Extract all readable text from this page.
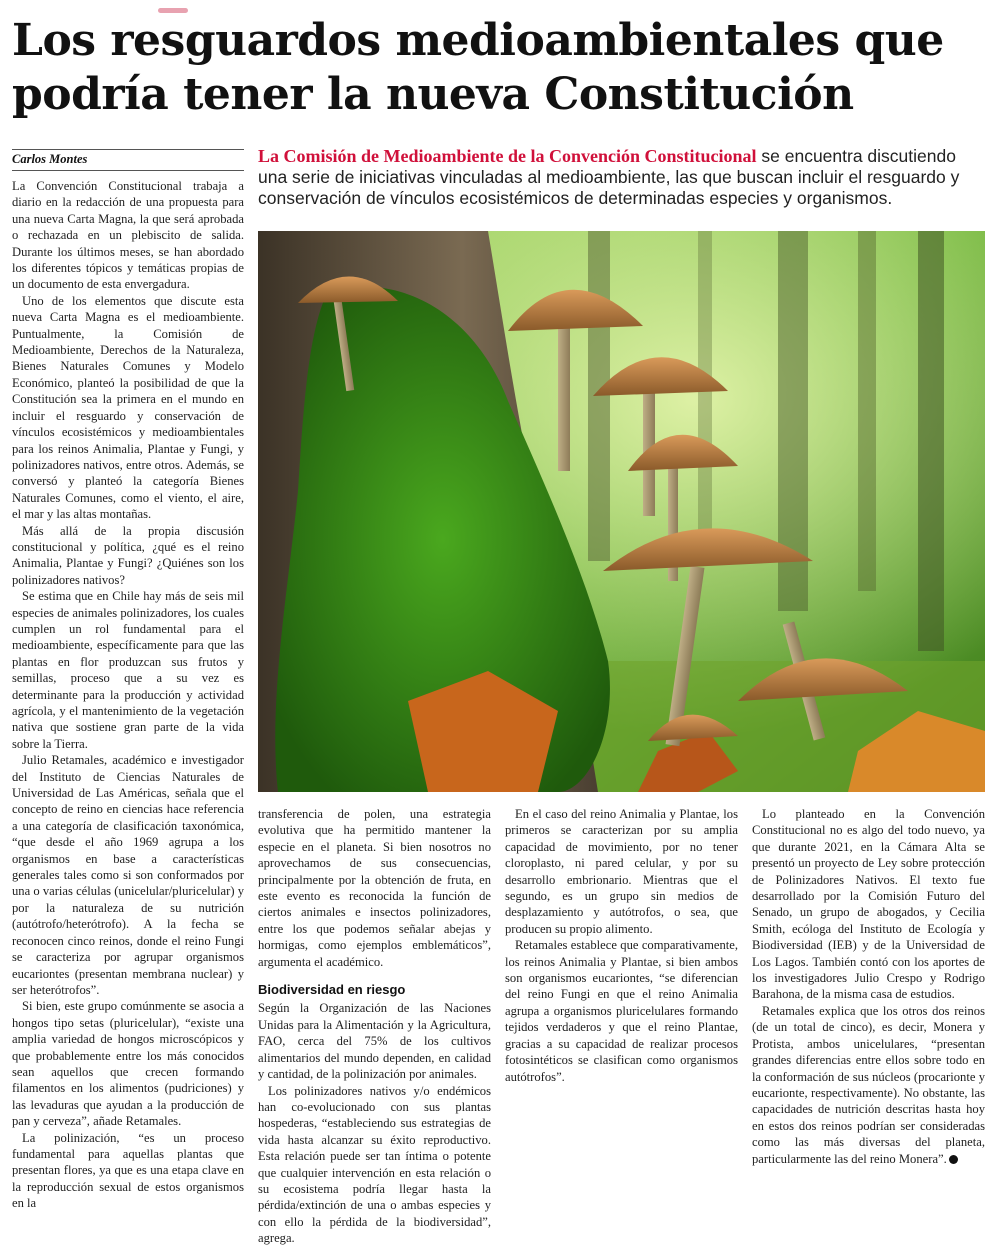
Los resguardos medioambientales que podría tener la nueva Constitución
Carlos Montes	La Comisión de Medioambiente de la Convención Constitucional se encuentra discutiendo una serie de iniciativas vinculadas al medioambiente, las que buscan incluir el resguardo y conservación de vínculos ecosistémicos de determinadas especies y organismos.

La Convención Constitucional trabaja a diario en la redacción de una propuesta para una nueva Carta Magna, la que será aprobada o rechazada en un plebiscito de salida. Durante los últimos meses, se han abordado los diferentes tópicos y temáticas propias de un documento de esta envergadura.

Uno de los elementos que discute esta nueva Carta Magna es el medioambiente. Puntualmente, la Comisión de Medioambiente, Derechos de la Naturaleza, Bienes Naturales Comunes y Modelo Económico, planteó la posibilidad de que la Constitución sea la primera en el mundo en incluir el resguardo y conservación de vínculos ecosistémicos y medioambientales para los reinos Animalia, Plantae y Fungi, y polinizadores nativos, entre otros. Además, se conversó y planteó la categoría Bienes Naturales Comunes, como el viento, el aire, el mar y las altas montañas.

Más allá de la propia discusión constitucional y política, ¿qué es el reino Animalia, Plantae y Fungi? ¿Quiénes son los polinizadores nativos?

Se estima que en Chile hay más de seis mil especies de animales polinizadores, los cuales cumplen un rol fundamental para el medioambiente, específicamente para que las plantas en flor produzcan sus frutos y semillas, proceso que a su vez es determinante para la producción y actividad agrícola, y el mantenimiento de la vegetación nativa que sostiene gran parte de la vida sobre la Tierra.

Julio Retamales, académico e investigador del Instituto de Ciencias Naturales de Universidad de Las Américas, señala que el concepto de reino en ciencias hace referencia a una categoría de clasificación taxonómica, “que desde el año 1969 agrupa a los organismos en base a características generales tales como si son conformados por una o varias células (unicelular/pluricelular) y por la naturaleza de su nutrición (autótrofo/heterótrofo). A la fecha se reconocen cinco reinos, donde el reino Fungi se caracteriza por agrupar organismos eucariontes (presentan membrana nuclear) y ser heterótrofos”.

Si bien, este grupo comúnmente se asocia a hongos tipo setas (pluricelular), “existe una amplia variedad de hongos microscópicos y que probablemente entre los más conocidos sean aquellos que crecen formando filamentos en los alimentos (pudriciones) y las levaduras que ayudan a la producción de pan y cerveza”, añade Retamales.

La polinización, “es un proceso fundamental para aquellas plantas que presentan flores, ya que es una etapa clave en la reproducción sexual de estos organismos en la

transferencia de polen, una estrategia evolutiva que ha permitido mantener la especie en el planeta. Si bien nosotros no aprovechamos de sus consecuencias, principalmente por la obtención de fruta, en este evento es reconocida la función de ciertos animales e insectos polinizadores, entre los que podemos señalar abejas y hormigas, como ejemplos emblemáticos”, argumenta el académico.

Biodiversidad en riesgo

Según la Organización de las Naciones Unidas para la Alimentación y la Agricultura, FAO, cerca del 75% de los cultivos alimentarios del mundo dependen, en calidad y cantidad, de la polinización por animales.

Los polinizadores nativos y/o endémicos han co-evolucionado con sus plantas hospederas, “estableciendo sus estrategias de vida hasta alcanzar su éxito reproductivo. Esta relación puede ser tan íntima o potente que cualquier intervención en esta relación o su ecosistema podría llegar hasta la pérdida/extinción de una o ambas especies y con ello la pérdida de la biodiversidad”, agrega.

En el caso del reino Animalia y Plantae, los primeros se caracterizan por su amplia capacidad de movimiento, por no tener cloroplasto, ni pared celular, y por su desarrollo embrionario. Mientras que el segundo, es un grupo sin medios de desplazamiento y autótrofos, o sea, que producen su propio alimento.

Retamales establece que comparativamente, los reinos Animalia y Plantae, si bien ambos son organismos eucariontes, “se diferencian del reino Fungi en que el reino Animalia agrupa a organismos pluricelulares formando tejidos verdaderos y que el reino Plantae, gracias a su capacidad de realizar procesos fotosintéticos se clasifican como organismos autótrofos”.

Lo planteado en la Convención Constitucional no es algo del todo nuevo, ya que durante 2021, en la Cámara Alta se presentó un proyecto de Ley sobre protección de Polinizadores Nativos. El texto fue desarrollado por la Comisión Futuro del Senado, un grupo de abogados, y Cecilia Smith, ecóloga del Instituto de Ecología y Biodiversidad (IEB) y de la Universidad de Los Lagos. También contó con los aportes de los investigadores Julio Crespo y Rodrigo Barahona, de la misma casa de estudios.

Retamales explica que los otros dos reinos (de un total de cinco), es decir, Monera y Protista, ambos unicelulares, “presentan grandes diferencias entre ellos sobre todo en la conformación de sus núcleos (procarionte y eucarionte, respectivamente). No obstante, las capacidades de nutrición descritas hasta hoy en estos dos reinos podrían ser consideradas como las más diversas del planeta, particularmente las del reino Monera”.
